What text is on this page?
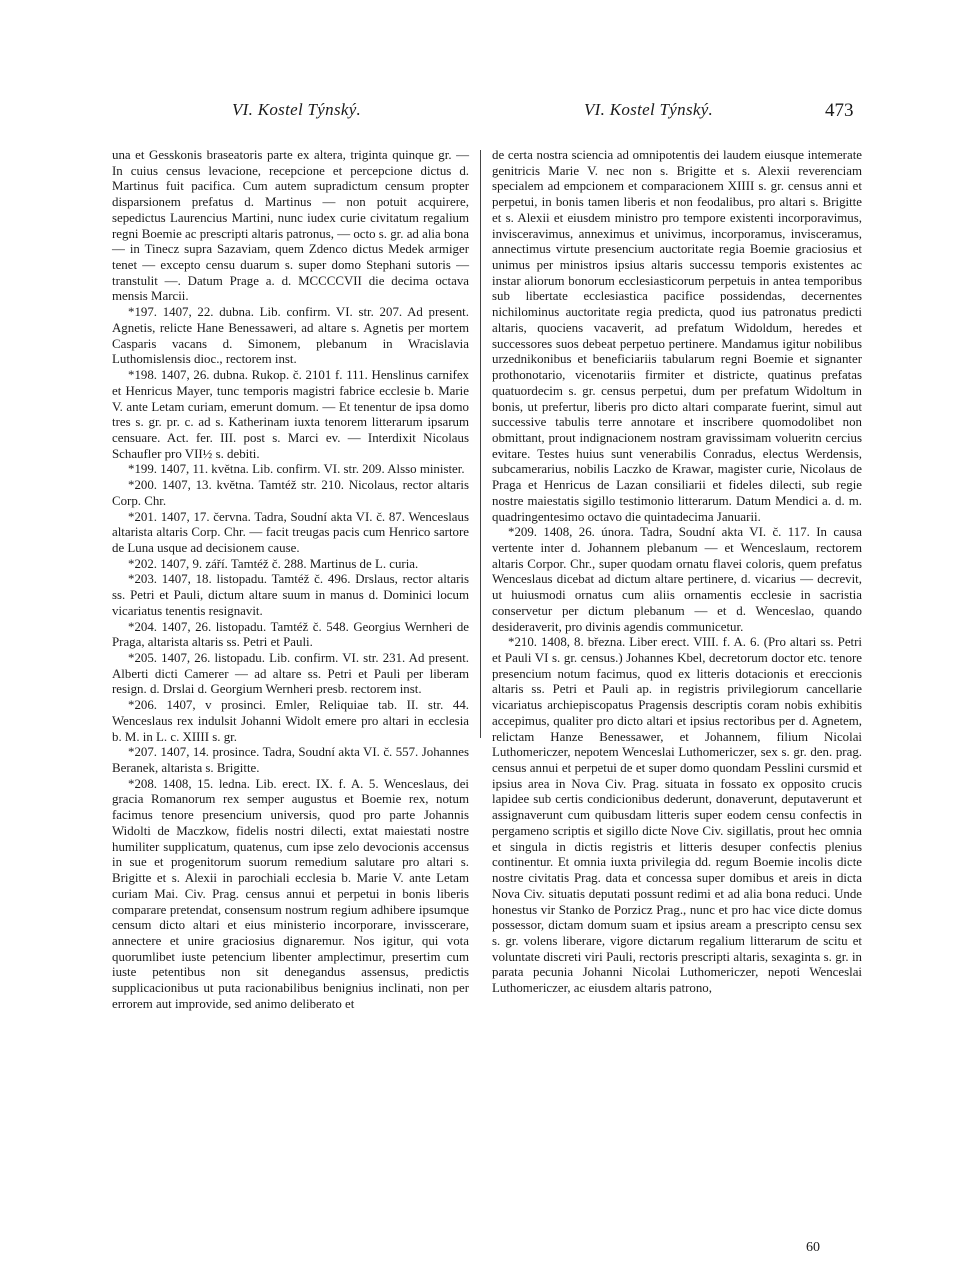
VI. Kostel Týnský.	VI. Kostel Týnský.	473

una et Gesskonis braseatoris parte ex altera, triginta quinque gr. — In cuius census levacione, recepcione et percepcione dictus d. Martinus fuit pacifica. Cum autem supradictum censum propter disparsionem prefatus d. Martinus — non potuit acquirere, sepedictus Laurencius Martini, nunc iudex curie civitatum regalium regni Boemie ac prescripti altaris patronus, — octo s. gr. ad alia bona — in Tinecz supra Sazaviam, quem Zdenco dictus Medek armiger tenet — excepto censu duarum s. super domo Stephani sutoris — transtulit —. Datum Prage a. d. MCCCCVII die decima octava mensis Marcii.

*197. 1407, 22. dubna. Lib. confirm. VI. str. 207. Ad present. Agnetis, relicte Hane Benessaweri, ad altare s. Agnetis per mortem Casparis vacans d. Simonem, plebanum in Wracislavia Luthomislensis dioc., rectorem inst.

*198. 1407, 26. dubna. Rukop. č. 2101 f. 111. Henslinus carnifex et Henricus Mayer, tunc temporis magistri fabrice ecclesie b. Marie V. ante Letam curiam, emerunt domum. — Et tenentur de ipsa domo tres s. gr. pr. c. ad s. Katherinam iuxta tenorem litterarum ipsarum censuare. Act. fer. III. post s. Marci ev. — Interdixit Nicolaus Schaufler pro VII½ s. debiti.

*199. 1407, 11. května. Lib. confirm. VI. str. 209. Alsso minister.

*200. 1407, 13. května. Tamtéž str. 210. Nicolaus, rector altaris Corp. Chr.

*201. 1407, 17. června. Tadra, Soudní akta VI. č. 87. Wenceslaus altarista altaris Corp. Chr. — facit treugas pacis cum Henrico sartore de Luna usque ad decisionem cause.

*202. 1407, 9. září. Tamtéž č. 288. Martinus de L. curia.

*203. 1407, 18. listopadu. Tamtéž č. 496. Drslaus, rector altaris ss. Petri et Pauli, dictum altare suum in manus d. Dominici locum vicariatus tenentis resignavit.

*204. 1407, 26. listopadu. Tamtéž č. 548. Georgius Wernheri de Praga, altarista altaris ss. Petri et Pauli.

*205. 1407, 26. listopadu. Lib. confirm. VI. str. 231. Ad present. Alberti dicti Camerer — ad altare ss. Petri et Pauli per liberam resign. d. Drslai d. Georgium Wernheri presb. rectorem inst.

*206. 1407, v prosinci. Emler, Reliquiae tab. II. str. 44. Wenceslaus rex indulsit Johanni Widolt emere pro altari in ecclesia b. M. in L. c. XIIII s. gr.

*207. 1407, 14. prosince. Tadra, Soudní akta VI. č. 557. Johannes Beranek, altarista s. Brigitte.

*208. 1408, 15. ledna. Lib. erect. IX. f. A. 5. Wenceslaus, dei gracia Romanorum rex semper augustus et Boemie rex, notum facimus tenore presencium universis, quod pro parte Johannis Widolti de Maczkow, fidelis nostri dilecti, extat maiestati nostre humiliter supplicatum, quatenus, cum ipse zelo devocionis accensus in sue et progenitorum suorum remedium salutare pro altari s. Brigitte et s. Alexii in parochiali ecclesia b. Marie V. ante Letam curiam Mai. Civ. Prag. census annui et perpetui in bonis liberis comparare pretendat, consensum nostrum regium adhibere ipsumque censum dicto altari et eius ministerio incorporare, invisscerare, annectere et unire graciosius dignaremur. Nos igitur, qui vota quorumlibet iuste petencium libenter amplectimur, presertim cum iuste petentibus non sit denegandus assensus, predictis supplicacionibus ut puta racionabilibus benignius inclinati, non per errorem aut improvide, sed animo deliberato et

de certa nostra sciencia ad omnipotentis dei laudem eiusque intemerate genitricis Marie V. nec non s. Brigitte et s. Alexii reverenciam specialem ad empcionem et comparacionem XIIII s. gr. census anni et perpetui, in bonis tamen liberis et non feodalibus, pro altari s. Brigitte et s. Alexii et eiusdem ministro pro tempore existenti incorporavimus, invisceravimus, anneximus et univimus, incorporamus, invisceramus, annectimus virtute presencium auctoritate regia Boemie graciosius et unimus per ministros ipsius altaris successu temporis existentes ac instar aliorum bonorum ecclesiasticorum perpetuis in antea temporibus sub libertate ecclesiastica pacifice possidendas, decernentes nichilominus auctoritate regia predicta, quod ius patronatus predicti altaris, quociens vacaverit, ad prefatum Widoldum, heredes et successores suos debeat perpetuo pertinere. Mandamus igitur nobilibus urzednikonibus et beneficiariis tabularum regni Boemie et signanter prothonotario, vicenotariis firmiter et districte, quatinus prefatas quatuordecim s. gr. census perpetui, dum per prefatum Widoltum in bonis, ut prefertur, liberis pro dicto altari comparate fuerint, simul aut successive tabulis terre annotare et inscribere quomodolibet non obmittant, prout indignacionem nostram gravissimam volueritn cercius evitare. Testes huius sunt venerabilis Conradus, electus Werdensis, subcamerarius, nobilis Laczko de Krawar, magister curie, Nicolaus de Praga et Henricus de Lazan consiliarii et fideles dilecti, sub regie nostre maiestatis sigillo testimonio litterarum. Datum Mendici a. d. m. quadringentesimo octavo die quintadecima Januarii.

*209. 1408, 26. února. Tadra, Soudní akta VI. č. 117. In causa vertente inter d. Johannem plebanum — et Wenceslaum, rectorem altaris Corpor. Chr., super quodam ornatu flavei coloris, quem prefatus Wenceslaus dicebat ad dictum altare pertinere, d. vicarius — decrevit, ut huiusmodi ornatus cum aliis ornamentis ecclesie in sacristia conservetur per dictum plebanum — et d. Wenceslao, quando desideraverit, pro divinis agendis communicetur.

*210. 1408, 8. března. Liber erect. VIII. f. A. 6. (Pro altari ss. Petri et Pauli VI s. gr. census.) Johannes Kbel, decretorum doctor etc. tenore presencium notum facimus, quod ex litteris dotacionis et ereccionis altaris ss. Petri et Pauli ap. in registris privilegiorum cancellarie vicariatus archiepiscopatus Pragensis descriptis coram nobis exhibitis accepimus, qualiter pro dicto altari et ipsius rectoribus per d. Agnetem, relictam Hanze Benessawer, et Johannem, filium Nicolai Luthomericzer, nepotem Wenceslai Luthomericzer, sex s. gr. den. prag. census annui et perpetui de et super domo quondam Pesslini cursmid et ipsius area in Nova Civ. Prag. situata in fossato ex opposito crucis lapidee sub certis condicionibus dederunt, donaverunt, deputaverunt et assignaverunt cum quibusdam litteris super eodem censu confectis in pergameno scriptis et sigillo dicte Nove Civ. sigillatis, prout hec omnia et singula in dictis registris et litteris desuper confectis plenius continentur. Et omnia iuxta privilegia dd. regum Boemie incolis dicte nostre civitatis Prag. data et concessa super domibus et areis in dicta Nova Civ. situatis deputati possunt redimi et ad alia bona reduci. Unde honestus vir Stanko de Porzicz Prag., nunc et pro hac vice dicte domus possessor, dictam domum suam et ipsius aream a prescripto censu sex s. gr. volens liberare, vigore dictarum regalium litterarum de scitu et voluntate discreti viri Pauli, rectoris prescripti altaris, sexaginta s. gr. in parata pecunia Johanni Nicolai Luthomericzer, nepoti Wenceslai Luthomericzer, ac eiusdem altaris patrono,

60
